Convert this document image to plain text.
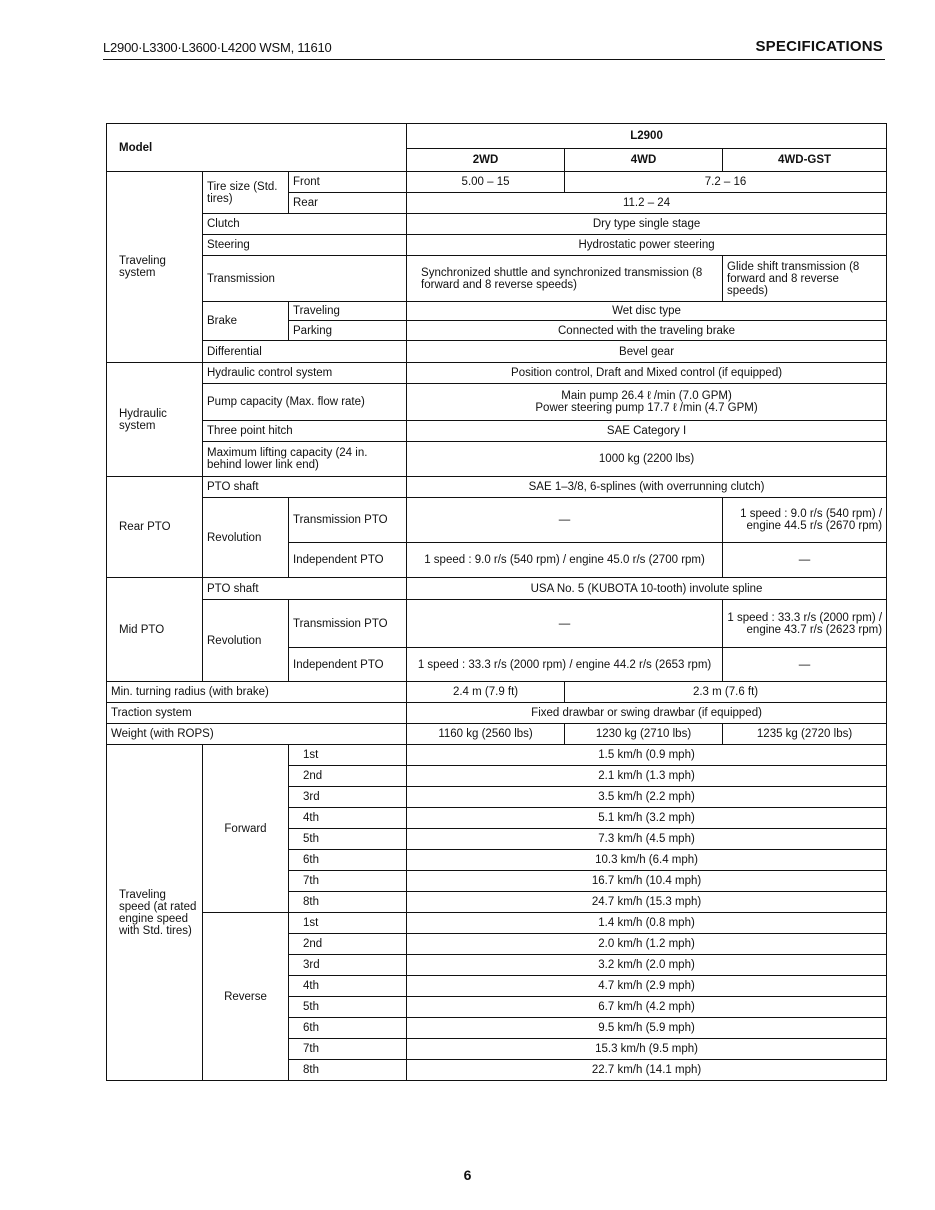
L2900·L3300·L3600·L4200 WSM, 11610	SPECIFICATIONS
Model			L2900		
			2WD	4WD	4WD-GST
Traveling system	Tire size (Std. tires)	Front	5.00 – 15	7.2 – 16	
		Rear	11.2 – 24		
	Clutch		Dry type single stage		
	Steering		Hydrostatic power steering		
	Transmission		Synchronized shuttle and synchronized transmission (8 forward and 8 reverse speeds)		Glide shift transmission (8 forward and 8 reverse speeds)
	Brake	Traveling	Wet disc type		
		Parking	Connected with the traveling brake		
	Differential		Bevel gear		

Hydraulic system	Hydraulic control system		Position control, Draft and Mixed control (if equipped)		
	Pump capacity (Max. flow rate)		Main pump 26.4 ℓ /min (7.0 GPM)
Power steering pump 17.7 ℓ /min (4.7 GPM)		

	Three point hitch		SAE Category I		
	Maximum lifting capacity (24 in. behind lower link end)		1000 kg (2200 lbs)		
Rear PTO	PTO shaft		SAE 1–3/8, 6-splines (with overrunning clutch)		
	Revolution	Transmission PTO	—		1 speed : 9.0 r/s (540 rpm) / engine 44.5 r/s (2670 rpm)
		Independent PTO	1 speed : 9.0 r/s (540 rpm) / engine 45.0 r/s (2700 rpm)		—
Mid PTO	PTO shaft		USA No. 5 (KUBOTA 10-tooth) involute spline		
	Revolution	Transmission PTO	—		1 speed : 33.3 r/s (2000 rpm) / engine 43.7 r/s (2623 rpm)
		Independent PTO	1 speed : 33.3 r/s (2000 rpm) / engine 44.2 r/s (2653 rpm)		—
Min. turning radius (with brake)			2.4 m (7.9 ft)	2.3 m (7.6 ft)	
Traction system			Fixed drawbar or swing drawbar (if equipped)		
Weight (with ROPS)			1160 kg (2560 lbs)	1230 kg (2710 lbs)	1235 kg (2720 lbs)
Traveling speed (at rated engine speed with Std. tires)	Forward	1st	1.5 km/h (0.9 mph)		
		2nd	2.1 km/h (1.3 mph)		
		3rd	3.5 km/h (2.2 mph)		
		4th	5.1 km/h (3.2 mph)		
		5th	7.3 km/h (4.5 mph)		
		6th	10.3 km/h (6.4 mph)		
		7th	16.7 km/h (10.4 mph)		
		8th	24.7 km/h (15.3 mph)		
	Reverse	1st	1.4 km/h (0.8 mph)		
		2nd	2.0 km/h (1.2 mph)		
		3rd	3.2 km/h (2.0 mph)		
		4th	4.7 km/h (2.9 mph)		
		5th	6.7 km/h (4.2 mph)		
		6th	9.5 km/h (5.9 mph)		
		7th	15.3 km/h (9.5 mph)		
		8th	22.7 km/h (14.1 mph)		
6
